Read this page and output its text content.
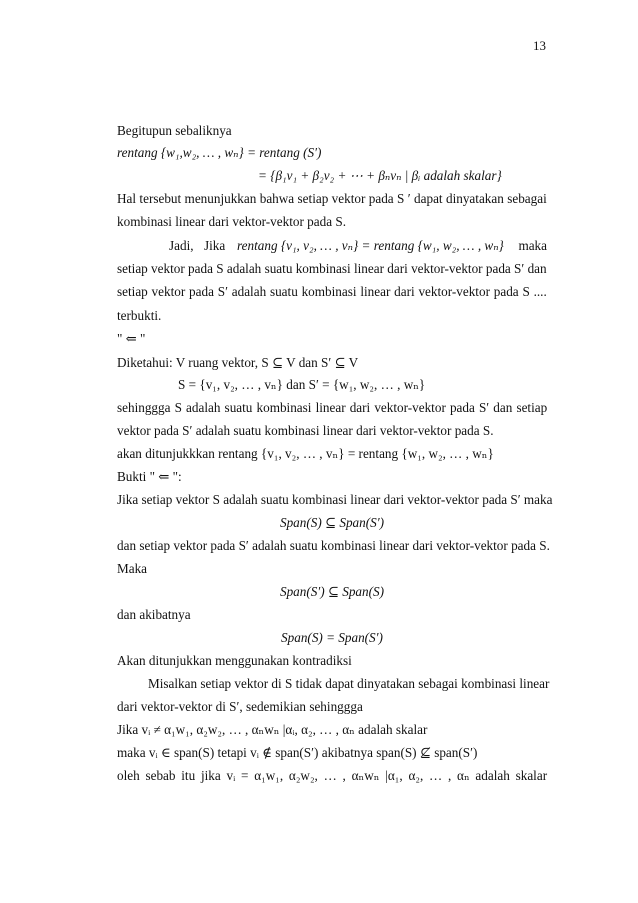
13
Begitupun sebaliknya
rentang {w₁,w₂, … , wₙ} = rentang (S′)
= {β₁v₁ + β₂v₂ + ⋯ + βₙvₙ | βᵢ adalah skalar}
Hal tersebut menunjukkan bahwa setiap vektor pada S ′ dapat dinyatakan sebagai
kombinasi linear dari vektor-vektor pada S.
Jadi, Jika rentang {v₁, v₂, … , vₙ} = rentang {w₁, w₂, … , wₙ} maka
setiap vektor pada S adalah suatu kombinasi linear dari vektor-vektor pada S′ dan
setiap vektor pada S′ adalah suatu kombinasi linear dari vektor-vektor pada S ....
terbukti.
" ⇐ "
Diketahui: V ruang vektor, S ⊆ V dan S′ ⊆ V
S = {v₁, v₂, … , vₙ} dan S′ = {w₁, w₂, … , wₙ}
sehinggga S adalah suatu kombinasi linear dari vektor-vektor pada S′ dan setiap
vektor pada S′ adalah suatu kombinasi linear dari vektor-vektor pada S.
akan ditunjukkkan rentang {v₁, v₂, … , vₙ} = rentang {w₁, w₂, … , wₙ}
Bukti " ⇐ ":
Jika setiap vektor S adalah suatu kombinasi linear dari vektor-vektor pada S′ maka
Span(S) ⊆ Span(S′)
dan setiap vektor pada S′ adalah suatu kombinasi linear dari vektor-vektor pada S.
Maka
Span(S′) ⊆ Span(S)
dan akibatnya
Span(S) = Span(S′)
Akan ditunjukkan menggunakan kontradiksi
Misalkan setiap vektor di S tidak dapat dinyatakan sebagai kombinasi linear
dari vektor-vektor di S′, sedemikian sehinggga
Jika vᵢ ≠ α₁w₁, α₂w₂, … , αₙwₙ |αᵢ, α₂, … , αₙ adalah skalar
maka vᵢ ∈ span(S) tetapi vᵢ ∉ span(S′) akibatnya span(S) ⊈ span(S′)
oleh sebab itu jika vᵢ = α₁w₁, α₂w₂, … , αₙwₙ |α₁, α₂, … , αₙ adalah skalar
